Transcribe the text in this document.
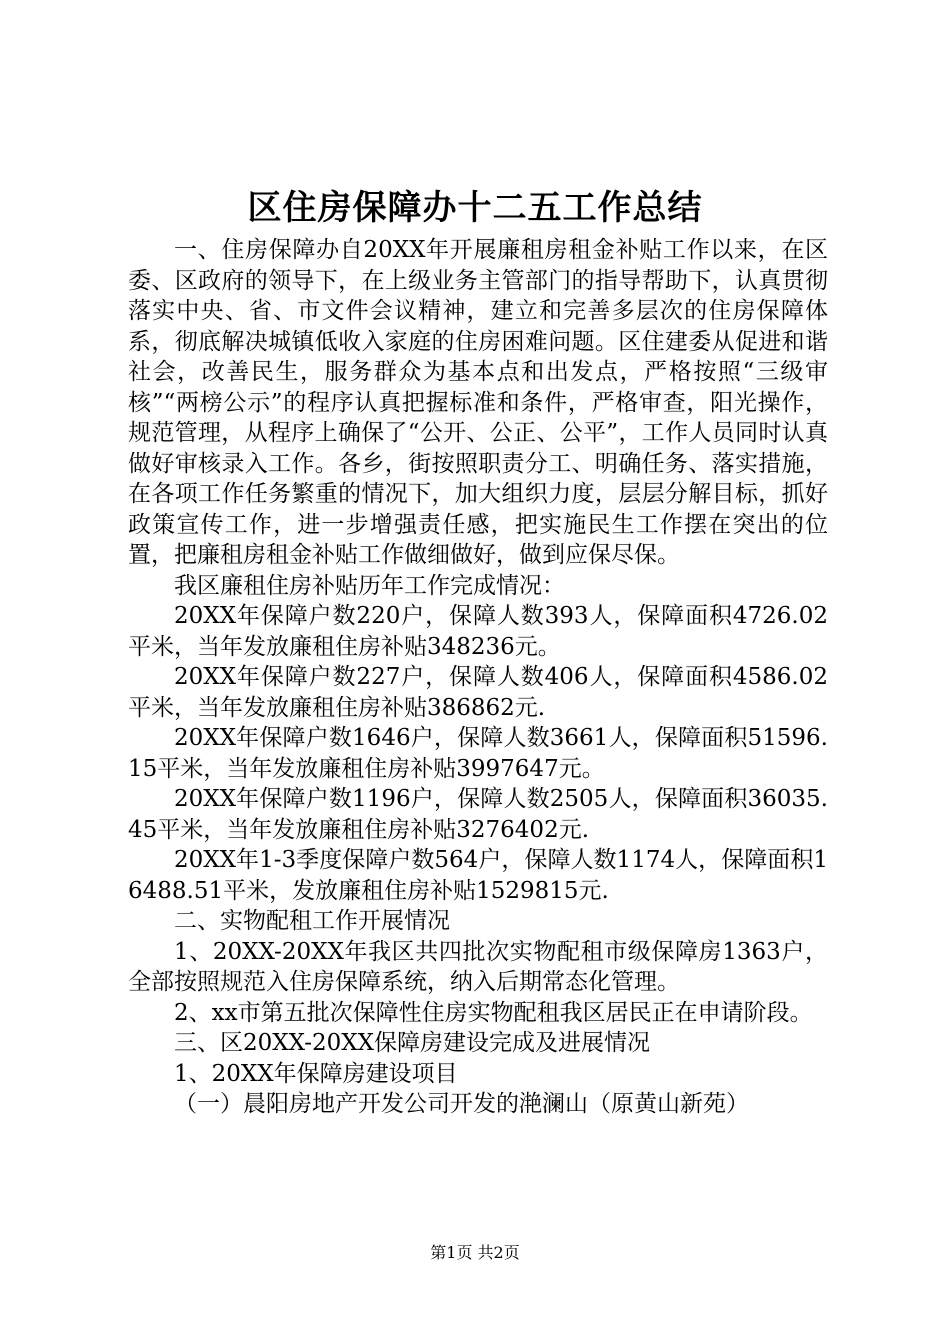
区住房保障办十二五工作总结

一、住房保障办自20XX年开展廉租房租金补贴工作以来，在区委、区政府的领导下，在上级业务主管部门的指导帮助下，认真贯彻落实中央、省、市文件会议精神，建立和完善多层次的住房保障体系，彻底解决城镇低收入家庭的住房困难问题。区住建委从促进和谐社会，改善民生，服务群众为基本点和出发点，严格按照“三级审核”“两榜公示”的程序认真把握标准和条件，严格审查，阳光操作，规范管理，从程序上确保了“公开、公正、公平”，工作人员同时认真做好审核录入工作。各乡，街按照职责分工、明确任务、落实措施，在各项工作任务繁重的情况下，加大组织力度，层层分解目标，抓好政策宣传工作，进一步增强责任感，把实施民生工作摆在突出的位置，把廉租房租金补贴工作做细做好，做到应保尽保。

我区廉租住房补贴历年工作完成情况：

20XX年保障户数220户，保障人数393人，保障面积4726.02平米，当年发放廉租住房补贴348236元。

20XX年保障户数227户，保障人数406人，保障面积4586.02平米，当年发放廉租住房补贴386862元.

20XX年保障户数1646户，保障人数3661人，保障面积51596.15平米，当年发放廉租住房补贴3997647元。

20XX年保障户数1196户，保障人数2505人，保障面积36035.45平米，当年发放廉租住房补贴3276402元.

20XX年1-3季度保障户数564户，保障人数1174人，保障面积16488.51平米，发放廉租住房补贴1529815元.

二、实物配租工作开展情况

1、20XX-20XX年我区共四批次实物配租市级保障房1363户，全部按照规范入住房保障系统，纳入后期常态化管理。

2、xx市第五批次保障性住房实物配租我区居民正在申请阶段。

三、区20XX-20XX保障房建设完成及进展情况

1、20XX年保障房建设项目

（一）晨阳房地产开发公司开发的滟澜山（原黄山新苑）

第1页 共2页
